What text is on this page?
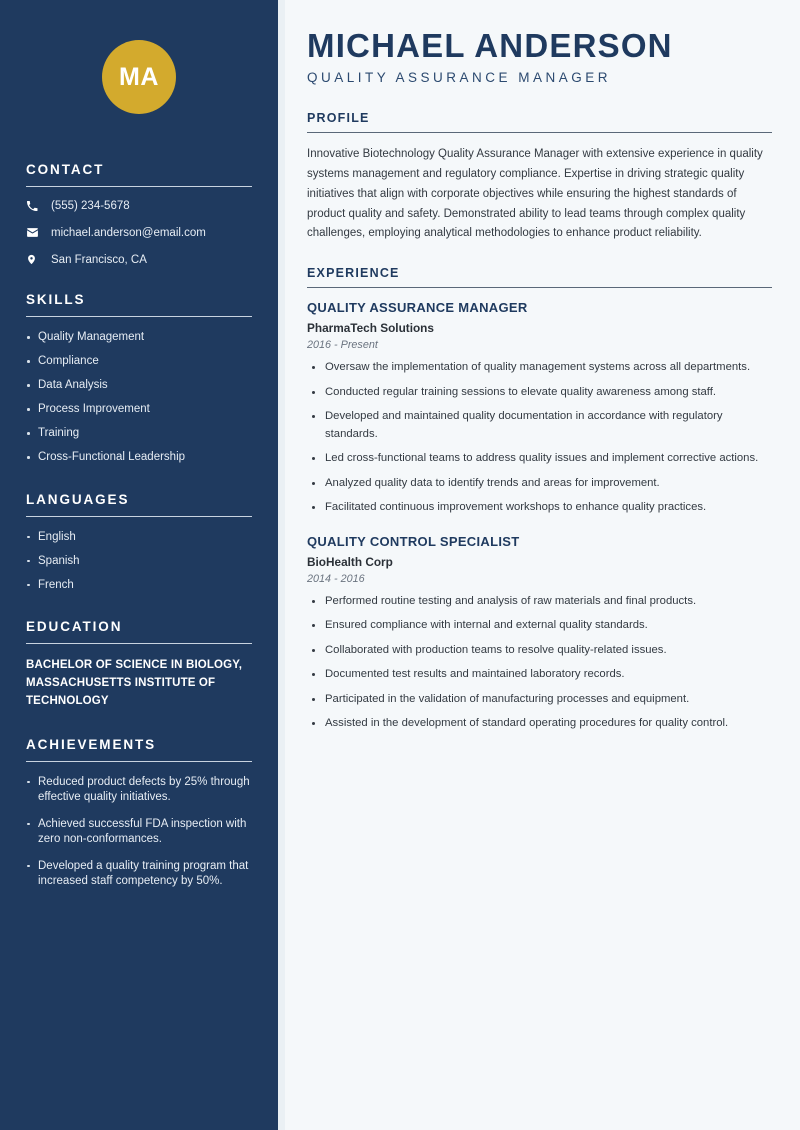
MA
CONTACT
(555) 234-5678
michael.anderson@email.com
San Francisco, CA
SKILLS
Quality Management
Compliance
Data Analysis
Process Improvement
Training
Cross-Functional Leadership
LANGUAGES
English
Spanish
French
EDUCATION
BACHELOR OF SCIENCE IN BIOLOGY, MASSACHUSETTS INSTITUTE OF TECHNOLOGY
ACHIEVEMENTS
Reduced product defects by 25% through effective quality initiatives.
Achieved successful FDA inspection with zero non-conformances.
Developed a quality training program that increased staff competency by 50%.
MICHAEL ANDERSON
QUALITY ASSURANCE MANAGER
PROFILE

Innovative Biotechnology Quality Assurance Manager with extensive experience in quality systems management and regulatory compliance. Expertise in driving strategic quality initiatives that align with corporate objectives while ensuring the highest standards of product quality and safety. Demonstrated ability to lead teams through complex quality challenges, employing analytical methodologies to enhance product reliability.

EXPERIENCE
QUALITY ASSURANCE MANAGER
PharmaTech Solutions
2016 - Present
Oversaw the implementation of quality management systems across all departments.
Conducted regular training sessions to elevate quality awareness among staff.
Developed and maintained quality documentation in accordance with regulatory standards.
Led cross-functional teams to address quality issues and implement corrective actions.
Analyzed quality data to identify trends and areas for improvement.
Facilitated continuous improvement workshops to enhance quality practices.
QUALITY CONTROL SPECIALIST
BioHealth Corp
2014 - 2016
Performed routine testing and analysis of raw materials and final products.
Ensured compliance with internal and external quality standards.
Collaborated with production teams to resolve quality-related issues.
Documented test results and maintained laboratory records.
Participated in the validation of manufacturing processes and equipment.
Assisted in the development of standard operating procedures for quality control.
